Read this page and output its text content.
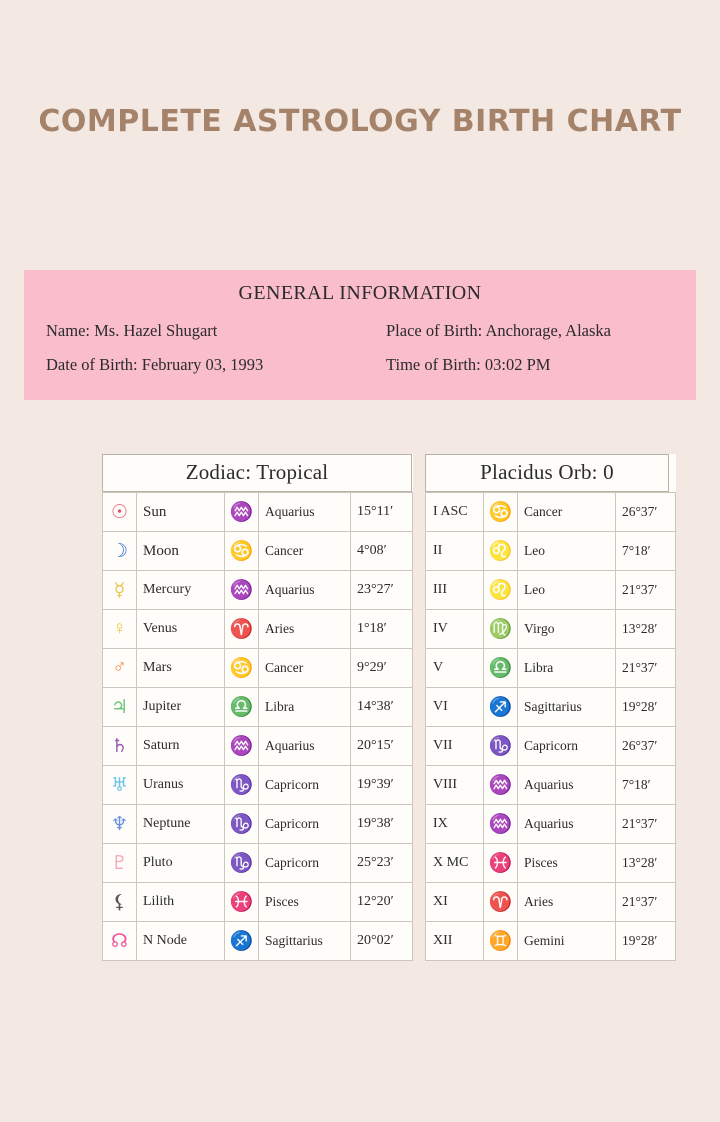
COMPLETE ASTROLOGY BIRTH CHART
GENERAL INFORMATION
Name: Ms. Hazel Shugart	Place of Birth: Anchorage, Alaska
Date of Birth: February 03, 1993	Time of Birth: 03:02 PM
Zodiac: Tropical
☉	Sun	♒	Aquarius	15°11′
☽	Moon	♋	Cancer	4°08′
☿	Mercury	♒	Aquarius	23°27′
♀	Venus	♈	Aries	1°18′
♂	Mars	♋	Cancer	9°29′
♃	Jupiter	♎	Libra	14°38′
♄	Saturn	♒	Aquarius	20°15′
♅	Uranus	♑	Capricorn	19°39′
♆	Neptune	♑	Capricorn	19°38′
♇	Pluto	♑	Capricorn	25°23′
⚸	Lilith	♓	Pisces	12°20′
☊	N Node	♐	Sagittarius	20°02′
Placidus Orb: 0
I ASC	♋	Cancer	26°37′
II	♌	Leo	7°18′
III	♌	Leo	21°37′
IV	♍	Virgo	13°28′
V	♎	Libra	21°37′
VI	♐	Sagittarius	19°28′
VII	♑	Capricorn	26°37′
VIII	♒	Aquarius	7°18′
IX	♒	Aquarius	21°37′
X MC	♓	Pisces	13°28′
XI	♈	Aries	21°37′
XII	♊	Gemini	19°28′
